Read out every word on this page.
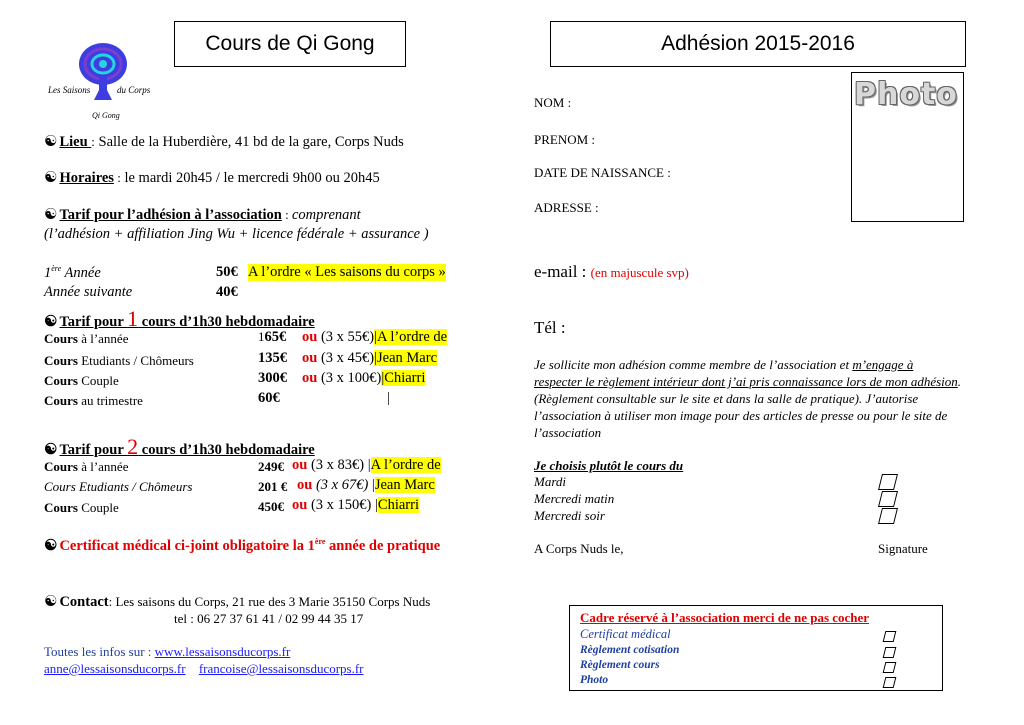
Cours de Qi Gong
Les Saisons	du Corps
Qi Gong
☯ Lieu : Salle de la Huberdière, 41 bd de la gare, Corps Nuds
☯ Horaires : le mardi 20h45 / le mercredi 9h00 ou 20h45
☯ Tarif pour l’adhésion à l’association : comprenant
(l’adhésion + affiliation Jing Wu + licence fédérale + assurance )
1ère Année	50€ A l’ordre « Les saisons du corps »
Année suivante	40€
☯ Tarif pour 1 cours d’1h30 hebdomadaire
Cours à l’année	165€ ou (3 x 55€)|A l’ordre de
Cours Etudiants / Chômeurs	135€ ou (3 x 45€)|Jean Marc
Cours Couple	300€ ou (3 x 100€)|Chiarri
Cours au trimestre	60€	|
☯ Tarif pour 2 cours d’1h30 hebdomadaire
Cours à l’année	249€ ou (3 x 83€) |A l’ordre de
Cours Etudiants / Chômeurs	201 € ou (3 x 67€) |Jean Marc
Cours Couple	450€ ou (3 x 150€) |Chiarri
☯ Certificat médical ci-joint obligatoire la 1ère année de pratique
☯ Contact: Les saisons du Corps, 21 rue des 3 Marie 35150 Corps Nuds
tel : 06 27 37 61 41 / 02 99 44 35 17
Toutes les infos sur : www.lessaisonsducorps.fr
anne@lessaisonsducorps.fr francoise@lessaisonsducorps.fr
Adhésion 2015-2016
Photo
NOM :
PRENOM :
DATE DE NAISSANCE :
ADRESSE :
e-mail : (en majuscule svp)
Tél :
Je sollicite mon adhésion comme membre de l’association et m’engage à respecter le règlement intérieur dont j’ai pris connaissance lors de mon adhésion. (Règlement consultable sur le site et dans la salle de pratique). J’autorise l’association à utiliser mon image pour des articles de presse ou pour le site de l’association
Je choisis plutôt le cours du
Mardi
Mercredi matin
Mercredi soir
A Corps Nuds le,	Signature
Cadre réservé à l’association merci de ne pas cocher
Certificat médical
Règlement cotisation
Règlement cours
Photo
